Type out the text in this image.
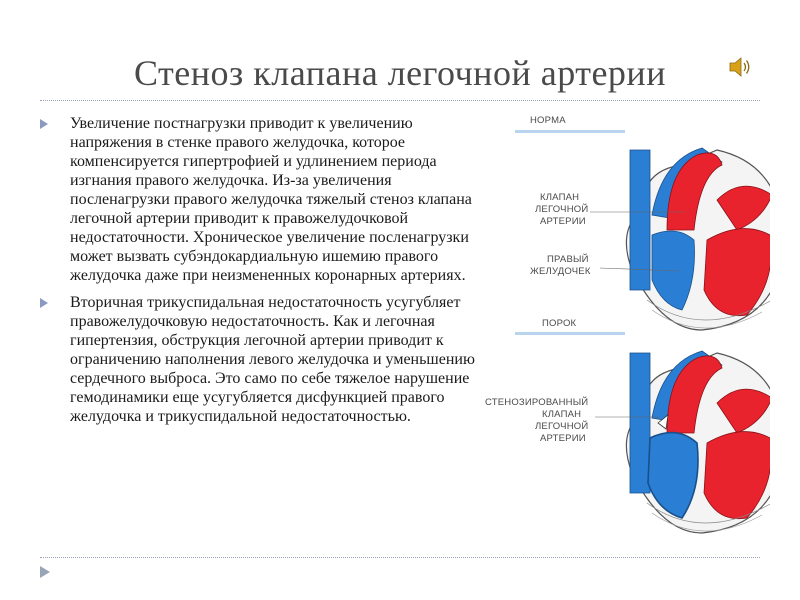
Стеноз клапана легочной артерии
Увеличение постнагрузки приводит к увеличению напряжения в стенке правого желудочка, которое компенсируется гипертрофией и удлинением периода изгнания правого желудочка. Из-за увеличения посленагрузки правого желудочка тяжелый стеноз клапана легочной артерии приводит к правожелудочковой недостаточности. Хроническое увеличение посленагрузки может вызвать субэндокардиальную ишемию правого желудочка даже при неизмененных коронарных артериях.
Вторичная трикуспидальная недостаточность усугубляет правожелудочковую недостаточность. Как и легочная гипертензия, обструкция легочной артерии приводит к ограничению наполнения левого желудочка и уменьшению сердечного выброса. Это само по себе тяжелое нарушение гемодинамики еще усугубляется дисфункцией правого желудочка и трикуспидальной недостаточностью.
НОРМА
КЛАПАН
ЛЕГОЧНОЙ
АРТЕРИИ
ПРАВЫЙ
ЖЕЛУДОЧЕК
ПОРОК
СТЕНОЗИРОВАННЫЙ
КЛАПАН
ЛЕГОЧНОЙ
АРТЕРИИ
